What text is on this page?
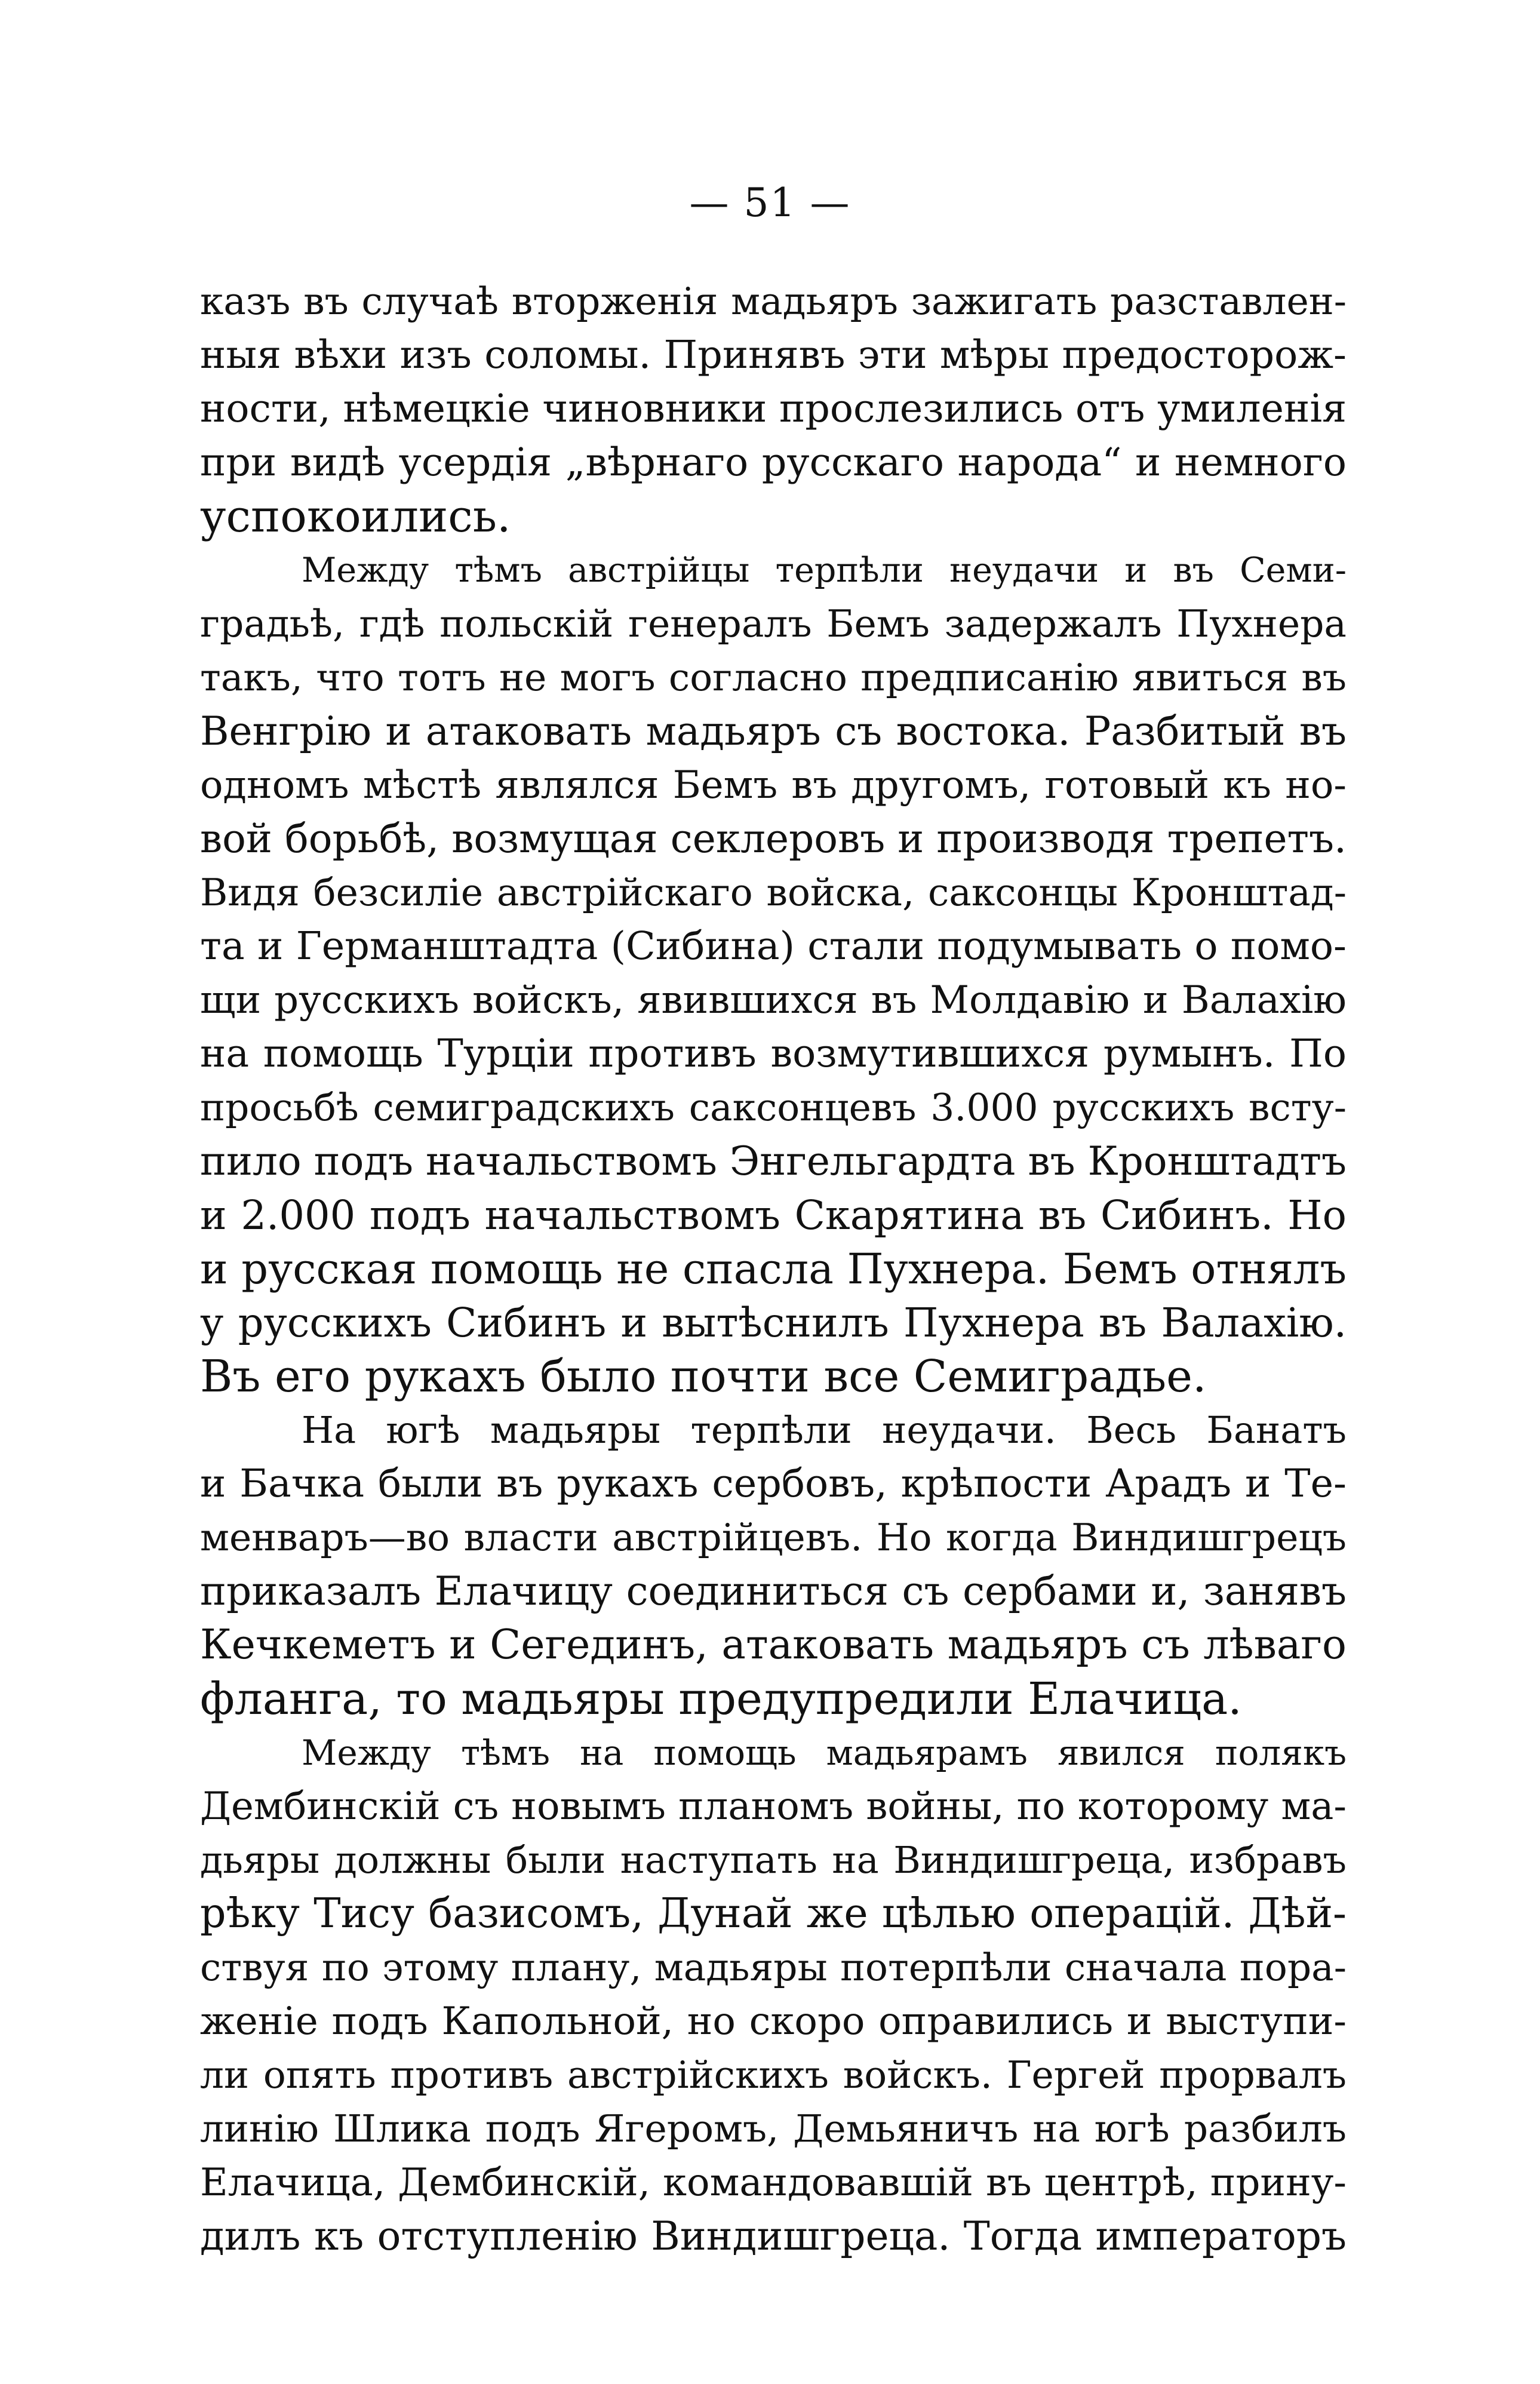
— 51 —
казъ въ случаѣ вторженія мадьяръ зажигать разставлен-
ныя вѣхи изъ соломы. Принявъ эти мѣры предосторож-
ности, нѣмецкіе чиновники прослезились отъ умиленія
при видѣ усердія „вѣрнаго русскаго народа“ и немного
успокоились.
Между тѣмъ австрійцы терпѣли неудачи и въ Семи-
градьѣ, гдѣ польскій генералъ Бемъ задержалъ Пухнера
такъ, что тотъ не могъ согласно предписанію явиться въ
Венгрію и атаковать мадьяръ съ востока. Разбитый въ
одномъ мѣстѣ являлся Бемъ въ другомъ, готовый къ но-
вой борьбѣ, возмущая секлеровъ и производя трепетъ.
Видя безсиліе австрійскаго войска, саксонцы Кронштад-
та и Германштадта (Сибина) стали подумывать о помо-
щи русскихъ войскъ, явившихся въ Молдавію и Валахію
на помощь Турціи противъ возмутившихся румынъ. По
просьбѣ семиградскихъ саксонцевъ 3.000 русскихъ всту-
пило подъ начальствомъ Энгельгардта въ Кронштадтъ
и 2.000 подъ начальствомъ Скарятина въ Сибинъ. Но
и русская помощь не спасла Пухнера. Бемъ отнялъ
у русскихъ Сибинъ и вытѣснилъ Пухнера въ Валахію.
Въ его рукахъ было почти все Семиградье.
На югѣ мадьяры терпѣли неудачи. Весь Банатъ
и Бачка были въ рукахъ сербовъ, крѣпости Арадъ и Те-
менваръ—во власти австрійцевъ. Но когда Виндишгрецъ
приказалъ Елачицу соединиться съ сербами и, занявъ
Кечкеметъ и Сегединъ, атаковать мадьяръ съ лѣваго
фланга, то мадьяры предупредили Елачица.
Между тѣмъ на помощь мадьярамъ явился полякъ
Дембинскій съ новымъ планомъ войны, по которому ма-
дьяры должны были наступать на Виндишгреца, избравъ
рѣку Тису базисомъ, Дунай же цѣлью операцій. Дѣй-
ствуя по этому плану, мадьяры потерпѣли сначала пора-
женіе подъ Капольной, но скоро оправились и выступи-
ли опять противъ австрійскихъ войскъ. Гергей прорвалъ
линію Шлика подъ Ягеромъ, Демьяничъ на югѣ разбилъ
Елачица, Дембинскій, командовавшій въ центрѣ, прину-
дилъ къ отступленію Виндишгреца. Тогда императоръ
